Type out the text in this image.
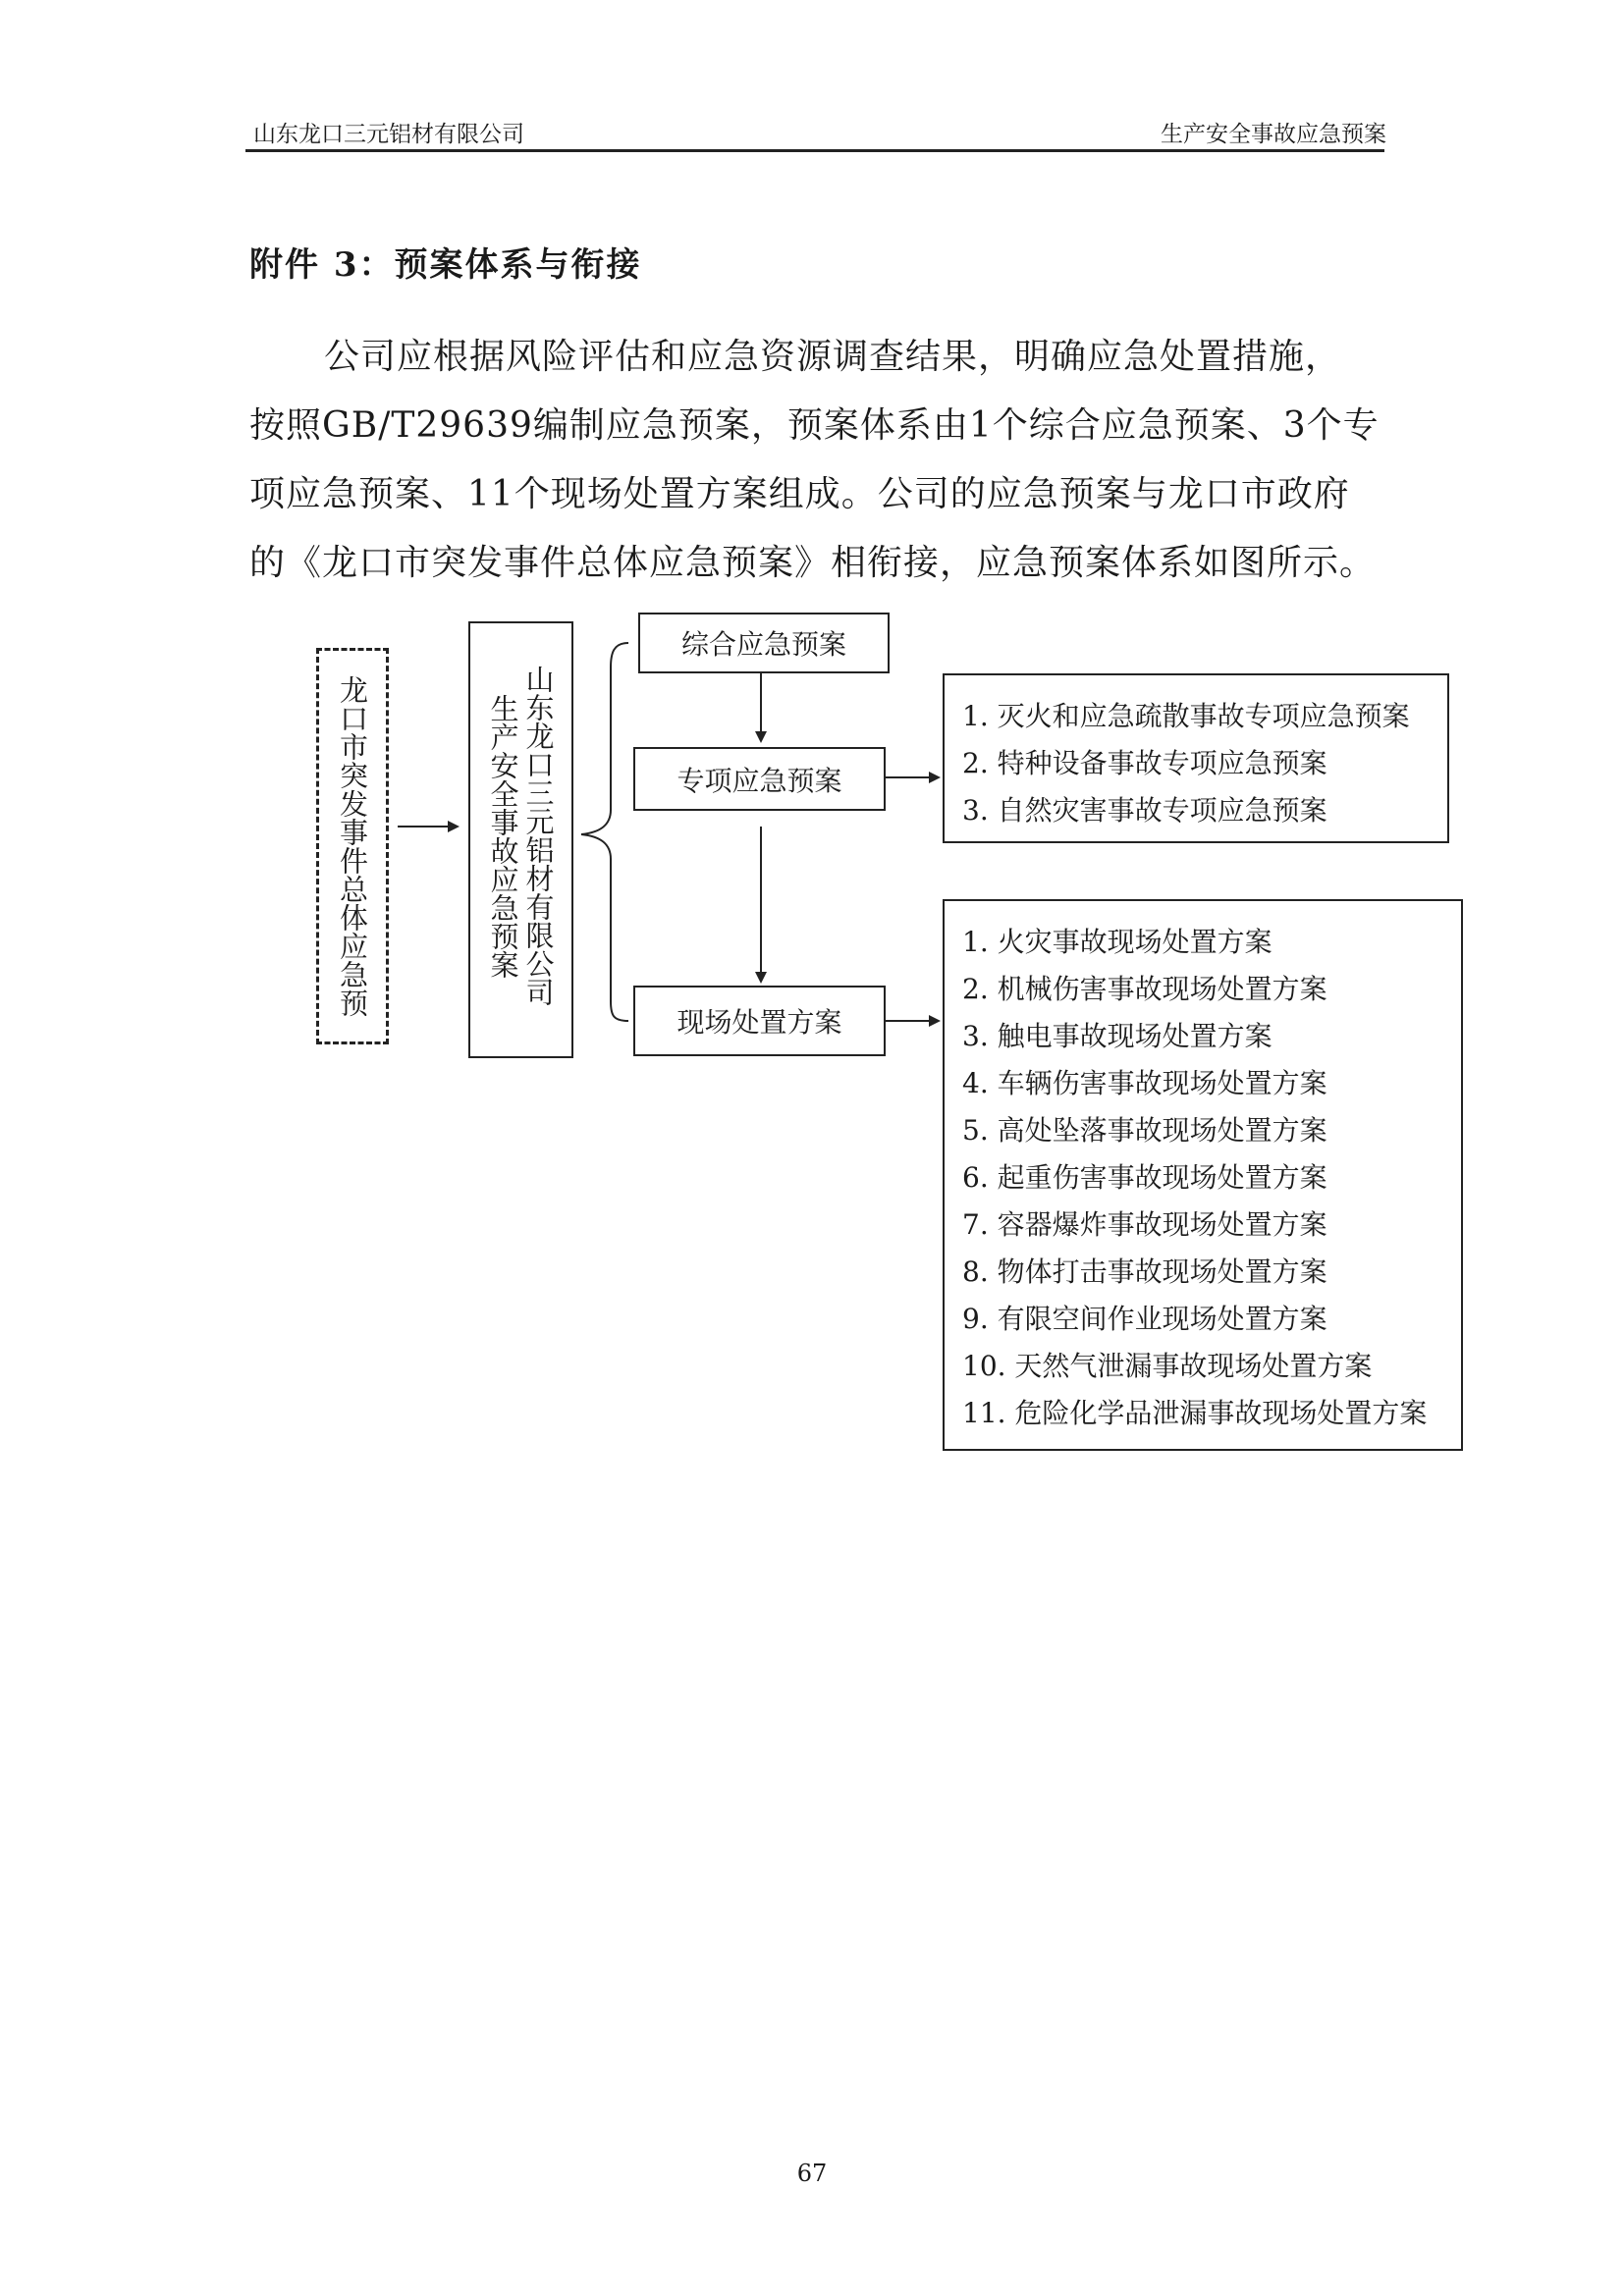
山东龙口三元铝材有限公司	生产安全事故应急预案
附件 3：预案体系与衔接
公司应根据风险评估和应急资源调查结果，明确应急处置措施，
按照GB/T29639编制应急预案，预案体系由1个综合应急预案、3个专
项应急预案、11个现场处置方案组成。公司的应急预案与龙口市政府
的《龙口市突发事件总体应急预案》相衔接，应急预案体系如图所示。
龙口市突发事件总体应急预	山东龙口三元铝材有限公司
生产安全事故应急预案
综合应急预案
专项应急预案
现场处置方案
1. 灭火和应急疏散事故专项应急预案
2. 特种设备事故专项应急预案
3. 自然灾害事故专项应急预案
1. 火灾事故现场处置方案
2. 机械伤害事故现场处置方案
3. 触电事故现场处置方案
4. 车辆伤害事故现场处置方案
5. 高处坠落事故现场处置方案
6. 起重伤害事故现场处置方案
7. 容器爆炸事故现场处置方案
8. 物体打击事故现场处置方案
9. 有限空间作业现场处置方案
10. 天然气泄漏事故现场处置方案
11. 危险化学品泄漏事故现场处置方案
67
